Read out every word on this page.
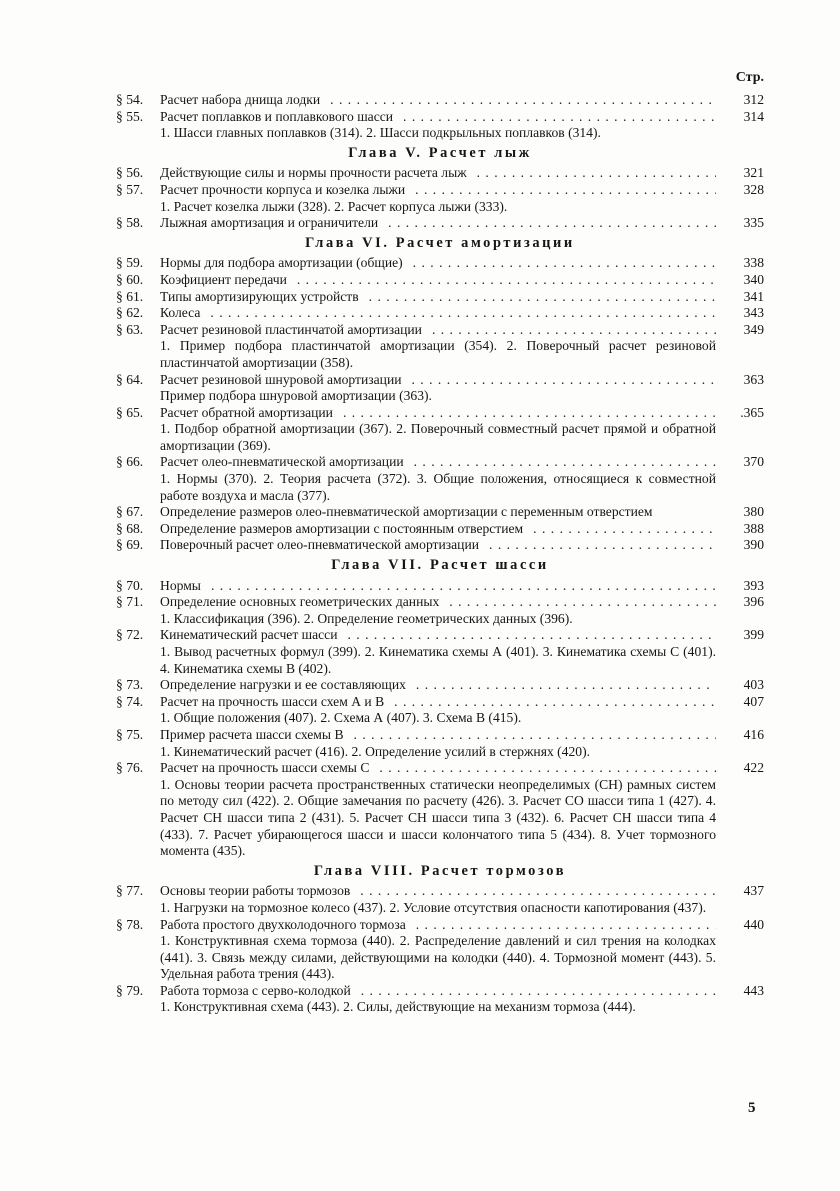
Стр.
§ 54.	Расчет набора днища лодки . . .	312
§ 55.	Расчет поплавков и поплавкового шасси . . .	314
1. Шасси главных поплавков (314). 2. Шасси подкрыльных поплавков (314).
Глава V. Расчет лыж
§ 56.	Действующие силы и нормы прочности расчета лыж . . .	321
§ 57.	Расчет прочности корпуса и козелка лыжи . . .	328
1. Расчет козелка лыжи (328). 2. Расчет корпуса лыжи (333).
§ 58.	Лыжная амортизация и ограничители . . .	335
Глава VI. Расчет амортизации
§ 59.	Нормы для подбора амортизации (общие) . . .	338
§ 60.	Коэфициент передачи . . .	340
§ 61.	Типы амортизирующих устройств . . .	341
§ 62.	Колеса . . .	343
§ 63.	Расчет резиновой пластинчатой амортизации . . .	349
1. Пример подбора пластинчатой амортизации (354). 2. Поверочный расчет резиновой пластинчатой амортизации (358).
§ 64.	Расчет резиновой шнуровой амортизации . . .	363
Пример подбора шнуровой амортизации (363).
§ 65.	Расчет обратной амортизации . . .	.365
1. Подбор обратной амортизации (367). 2. Поверочный совместный расчет прямой и обратной амортизации (369).
§ 66.	Расчет олео-пневматической амортизации . . .	370
1. Нормы (370). 2. Теория расчета (372). 3. Общие положения, относящиеся к совместной работе воздуха и масла (377).
§ 67.	Определение размеров олео-пневматической амортизации с переменным отверстием	380
§ 68.	Определение размеров амортизации с постоянным отверстием . . .	388
§ 69.	Поверочный расчет олео-пневматической амортизации . . .	390
Глава VII. Расчет шасси
§ 70.	Нормы . . .	393
§ 71.	Определение основных геометрических данных . . .	396
1. Классификация (396). 2. Определение геометрических данных (396).
§ 72.	Кинематический расчет шасси . . .	399
1. Вывод расчетных формул (399). 2. Кинематика схемы А (401). 3. Кинематика схемы С (401). 4. Кинематика схемы В (402).
§ 73.	Определение нагрузки и ее составляющих . . .	403
§ 74.	Расчет на прочность шасси схем А и В . . .	407
1. Общие положения (407). 2. Схема А (407). 3. Схема В (415).
§ 75.	Пример расчета шасси схемы В . . .	416
1. Кинематический расчет (416). 2. Определение усилий в стержнях (420).
§ 76.	Расчет на прочность шасси схемы С . . .	422
1. Основы теории расчета пространственных статически неопределимых (СН) рамных систем по методу сил (422). 2. Общие замечания по расчету (426). 3. Расчет СО шасси типа 1 (427). 4. Расчет СН шасси типа 2 (431). 5. Расчет СН шасси типа 3 (432). 6. Расчет СН шасси типа 4 (433). 7. Расчет убирающегося шасси и шасси колончатого типа 5 (434). 8. Учет тормозного момента (435).
Глава VIII. Расчет тормозов
§ 77.	Основы теории работы тормозов . . .	437
1. Нагрузки на тормозное колесо (437). 2. Условие отсутствия опасности капотирования (437).
§ 78.	Работа простого двухколодочного тормоза . . .	440
1. Конструктивная схема тормоза (440). 2. Распределение давлений и сил трения на колодках (441). 3. Связь между силами, действующими на колодки (440). 4. Тормозной момент (443). 5. Удельная работа трения (443).
§ 79.	Работа тормоза с серво-колодкой . . .	443
1. Конструктивная схема (443). 2. Силы, действующие на механизм тормоза (444).
5
